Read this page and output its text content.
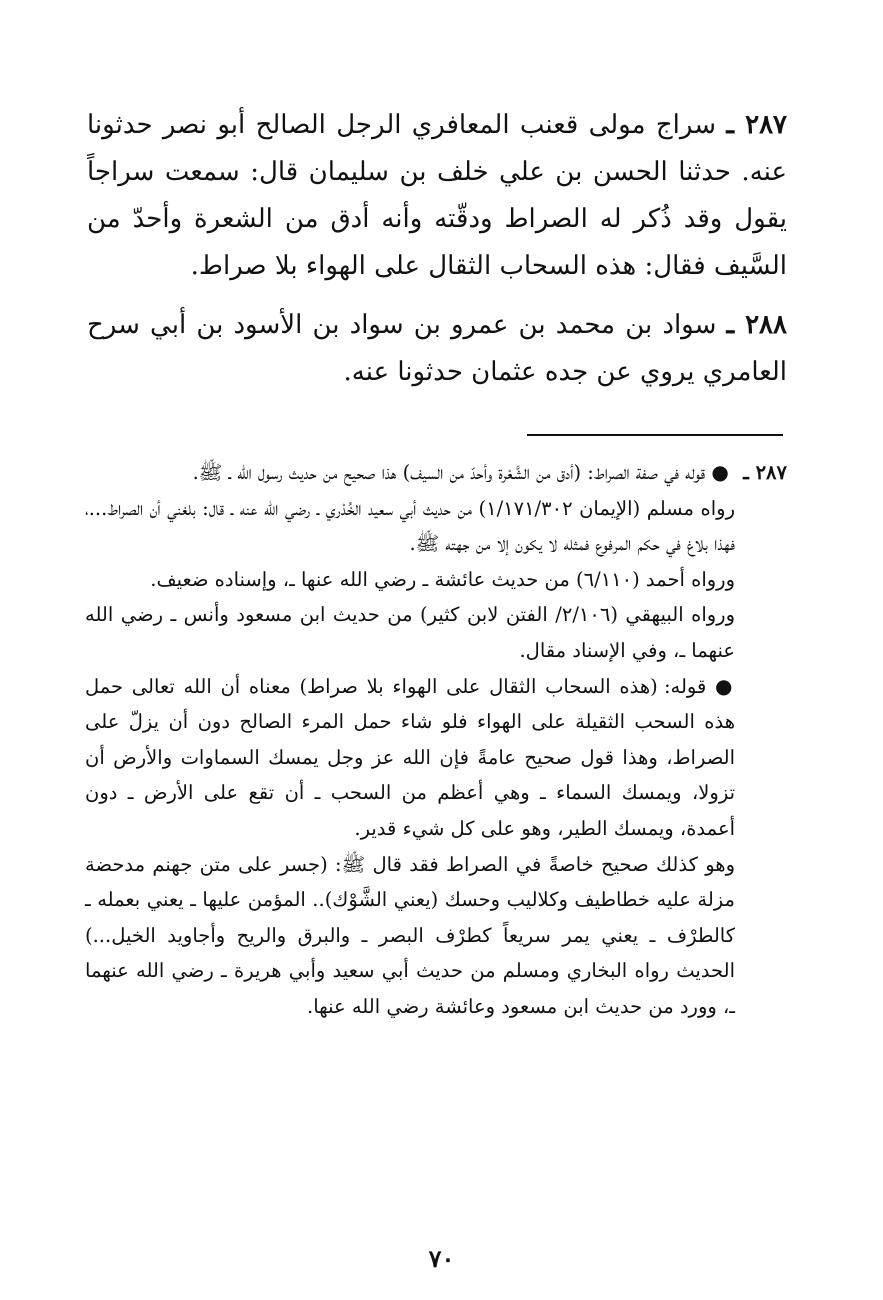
٢٨٧ ـ سراج مولى قعنب المعافري الرجل الصالح أبو نصر حدثونا عنه. حدثنا الحسن بن علي خلف بن سليمان قال: سمعت سراجاً يقول وقد ذُكر له الصراط ودقّته وأنه أدق من الشعرة وأحدّ من السَّيف فقال: هذه السحاب الثقال على الهواء بلا صراط.

٢٨٨ ـ سواد بن محمد بن عمرو بن سواد بن الأسود بن أبي سرح العامري يروي عن جده عثمان حدثونا عنه.

٢٨٧ ـ ● قوله في صفة الصراط: (أدق من الشَّعْرة وأحدّ من السيف) هذا صحيح من حديث رسول الله ـ ﷺ.

رواه مسلم (الإيمان ١/١٧١/٣٠٢) من حديث أبي سعيد الخُدْري ـ رضي الله عنه ـ قال: بلغني أن الصراط...، فهذا بلاغ في حكم المرفوع فمثله لا يكون إلا من جهته ﷺ.

ورواه أحمد (٦/١١٠) من حديث عائشة ـ رضي الله عنها ـ، وإسناده ضعيف.

ورواه البيهقي (٢/١٠٦/ الفتن لابن كثير) من حديث ابن مسعود وأنس ـ رضي الله عنهما ـ، وفي الإسناد مقال.

● قوله: (هذه السحاب الثقال على الهواء بلا صراط) معناه أن الله تعالى حمل هذه السحب الثقيلة على الهواء فلو شاء حمل المرء الصالح دون أن يزلّ على الصراط، وهذا قول صحيح عامةً فإن الله عز وجل يمسك السماوات والأرض أن تزولا، ويمسك السماء ـ وهي أعظم من السحب ـ أن تقع على الأرض ـ دون أعمدة، ويمسك الطير، وهو على كل شيء قدير.

وهو كذلك صحيح خاصةً في الصراط فقد قال ﷺ: (جسر على متن جهنم مدحضة مزلة عليه خطاطيف وكلاليب وحسك (يعني الشَّوْك).. المؤمن عليها ـ يعني بعمله ـ كالطرْف ـ يعني يمر سريعاً كطرْف البصر ـ والبرق والريح وأجاويد الخيل...) الحديث رواه البخاري ومسلم من حديث أبي سعيد وأبي هريرة ـ رضي الله عنهما ـ، وورد من حديث ابن مسعود وعائشة رضي الله عنها.

٧٠
